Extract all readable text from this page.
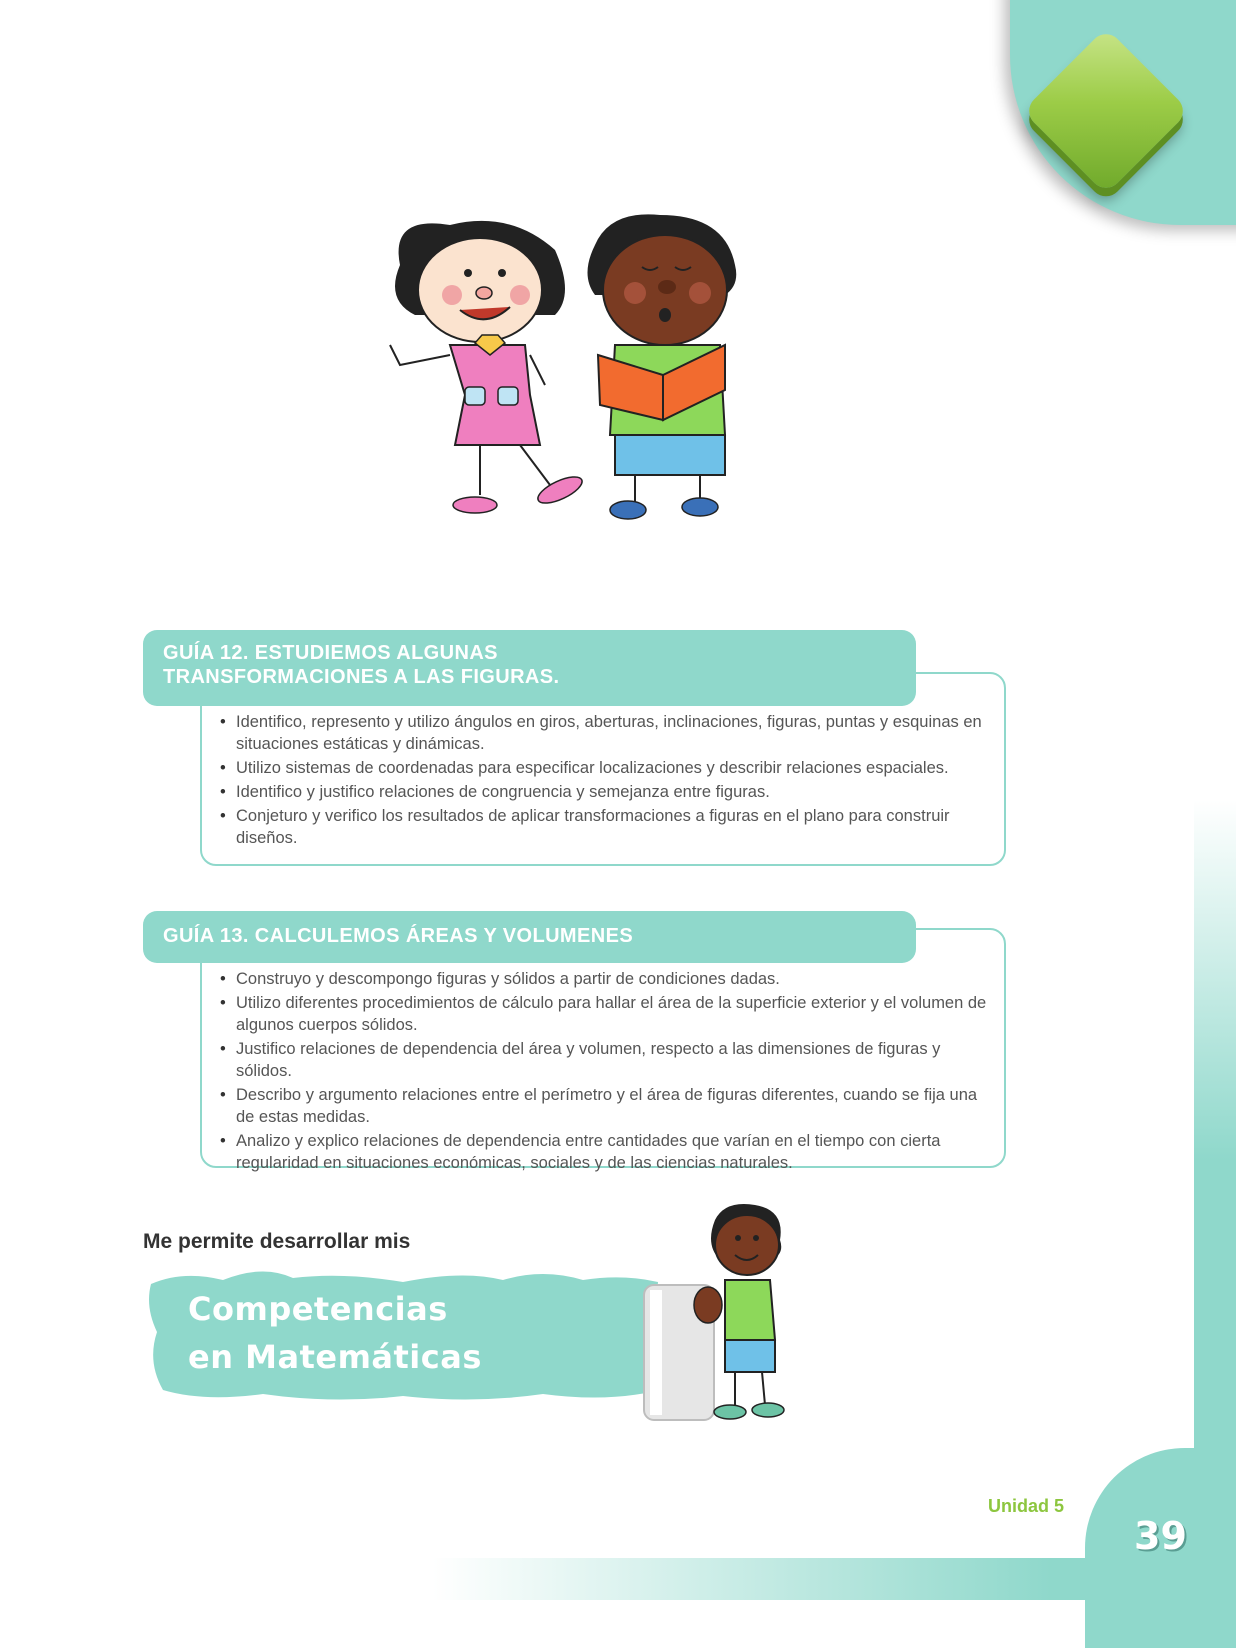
GUÍA 12. ESTUDIEMOS ALGUNAS
TRANSFORMACIONES A LAS FIGURAS.
• Identifico, represento y utilizo ángulos en giros, aberturas, inclinaciones, figuras, puntas y esquinas en situaciones estáticas y dinámicas.
• Utilizo sistemas de coordenadas para especificar localizaciones y describir relaciones espaciales.
• Identifico y justifico relaciones de congruencia y semejanza entre figuras.
• Conjeturo y verifico los resultados de aplicar transformaciones a figuras en el plano para construir diseños.
GUÍA 13. CALCULEMOS ÁREAS Y VOLUMENES
• Construyo y descompongo figuras y sólidos a partir de condiciones dadas.
• Utilizo diferentes procedimientos de cálculo para hallar el área de la superficie exterior y el volumen de algunos cuerpos sólidos.
• Justifico relaciones de dependencia del área y volumen, respecto a las dimensiones de figuras y sólidos.
• Describo y argumento relaciones entre el perímetro y el área de figuras diferentes, cuando se fija una de estas medidas.
• Analizo y explico relaciones de dependencia entre cantidades que varían en el tiempo con cierta regularidad en situaciones económicas, sociales y de las ciencias naturales.
Me permite desarrollar mis
Competencias
en Matemáticas
Unidad 5
39
